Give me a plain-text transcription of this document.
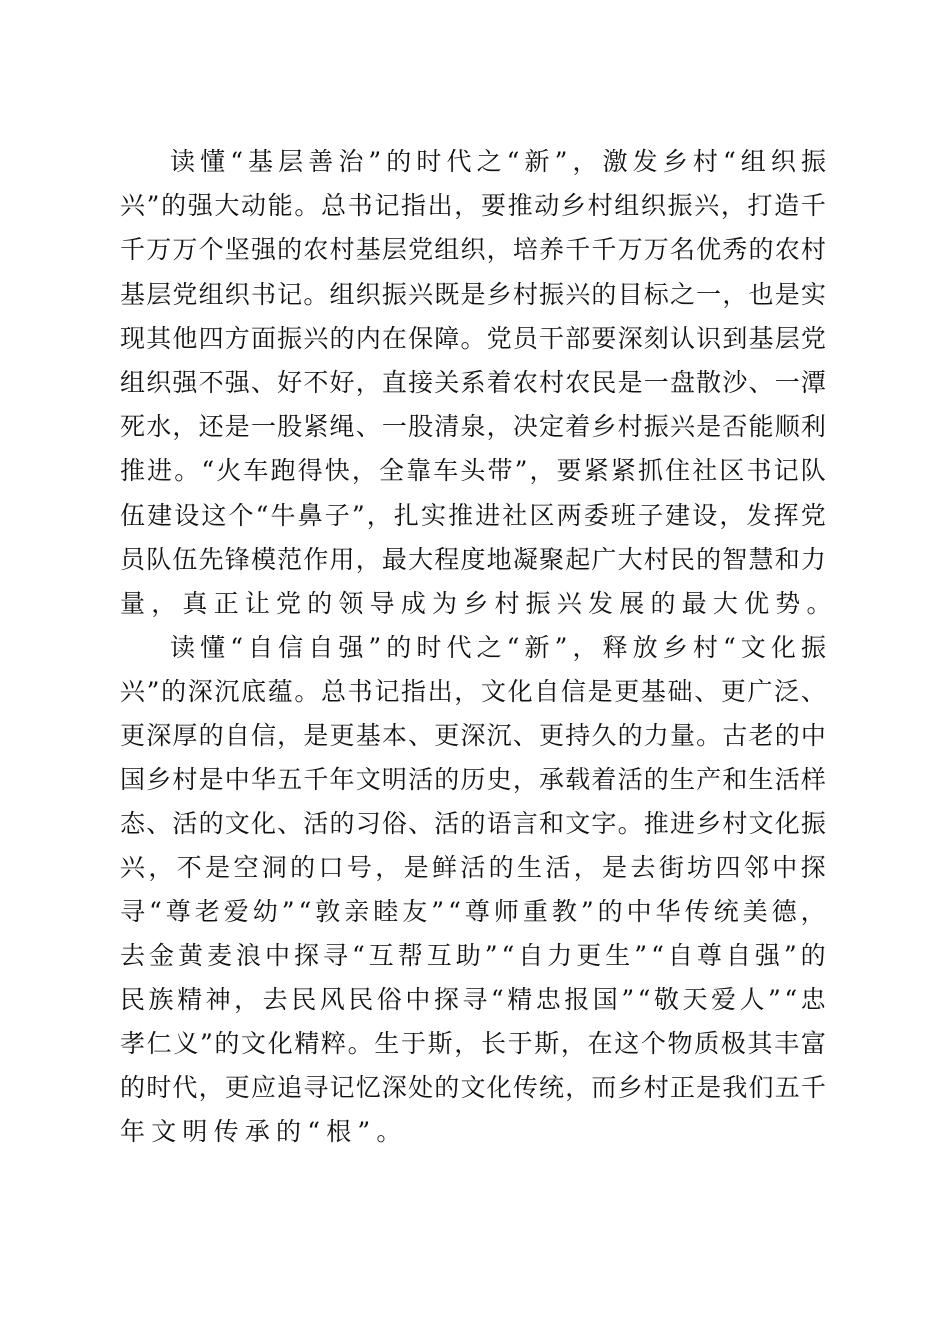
读 懂 “ 基 层 善 治 ” 的 时 代 之 “ 新 ” ， 激 发 乡 村 “ 组 织 振
兴 ” 的 强 大 动 能 。 总 书 记 指 出 ， 要 推 动 乡 村 组 织 振 兴 ， 打 造 千
千 万 万 个 坚 强 的 农 村 基 层 党 组 织 ， 培 养 千 千 万 万 名 优 秀 的 农 村
基 层 党 组 织 书 记 。 组 织 振 兴 既 是 乡 村 振 兴 的 目 标 之 一 ， 也 是 实
现 其 他 四 方 面 振 兴 的 内 在 保 障 。 党 员 干 部 要 深 刻 认 识 到 基 层 党
组 织 强 不 强 、 好 不 好 ， 直 接 关 系 着 农 村 农 民 是 一 盘 散 沙 、 一 潭
死 水 ， 还 是 一 股 紧 绳 、 一 股 清 泉 ， 决 定 着 乡 村 振 兴 是 否 能 顺 利
推 进 。 “ 火 车 跑 得 快 ， 全 靠 车 头 带 ” ， 要 紧 紧 抓 住 社 区 书 记 队
伍 建 设 这 个 “ 牛 鼻 子 ” ， 扎 实 推 进 社 区 两 委 班 子 建 设 ， 发 挥 党
员 队 伍 先 锋 模 范 作 用 ， 最 大 程 度 地 凝 聚 起 广 大 村 民 的 智 慧 和 力
量 ， 真 正 让 党 的 领 导 成 为 乡 村 振 兴 发 展 的 最 大 优 势 。
读 懂 “ 自 信 自 强 ” 的 时 代 之 “ 新 ” ， 释 放 乡 村 “ 文 化 振
兴 ” 的 深 沉 底 蕴 。 总 书 记 指 出 ， 文 化 自 信 是 更 基 础 、 更 广 泛 、
更 深 厚 的 自 信 ， 是 更 基 本 、 更 深 沉 、 更 持 久 的 力 量 。 古 老 的 中
国 乡 村 是 中 华 五 千 年 文 明 活 的 历 史 ， 承 载 着 活 的 生 产 和 生 活 样
态 、 活 的 文 化 、 活 的 习 俗 、 活 的 语 言 和 文 字 。 推 进 乡 村 文 化 振
兴 ， 不 是 空 洞 的 口 号 ， 是 鲜 活 的 生 活 ， 是 去 街 坊 四 邻 中 探
寻 “ 尊 老 爱 幼 ” “ 敦 亲 睦 友 ” “ 尊 师 重 教 ” 的 中 华 传 统 美 德 ，
去 金 黄 麦 浪 中 探 寻 “ 互 帮 互 助 ” “ 自 力 更 生 ” “ 自 尊 自 强 ” 的
民 族 精 神 ， 去 民 风 民 俗 中 探 寻 “ 精 忠 报 国 ” “ 敬 天 爱 人 ” “ 忠
孝 仁 义 ” 的 文 化 精 粹 。 生 于 斯 ， 长 于 斯 ， 在 这 个 物 质 极 其 丰 富
的 时 代 ， 更 应 追 寻 记 忆 深 处 的 文 化 传 统 ， 而 乡 村 正 是 我 们 五 千
年 文 明 传 承 的 “ 根 ” 。
